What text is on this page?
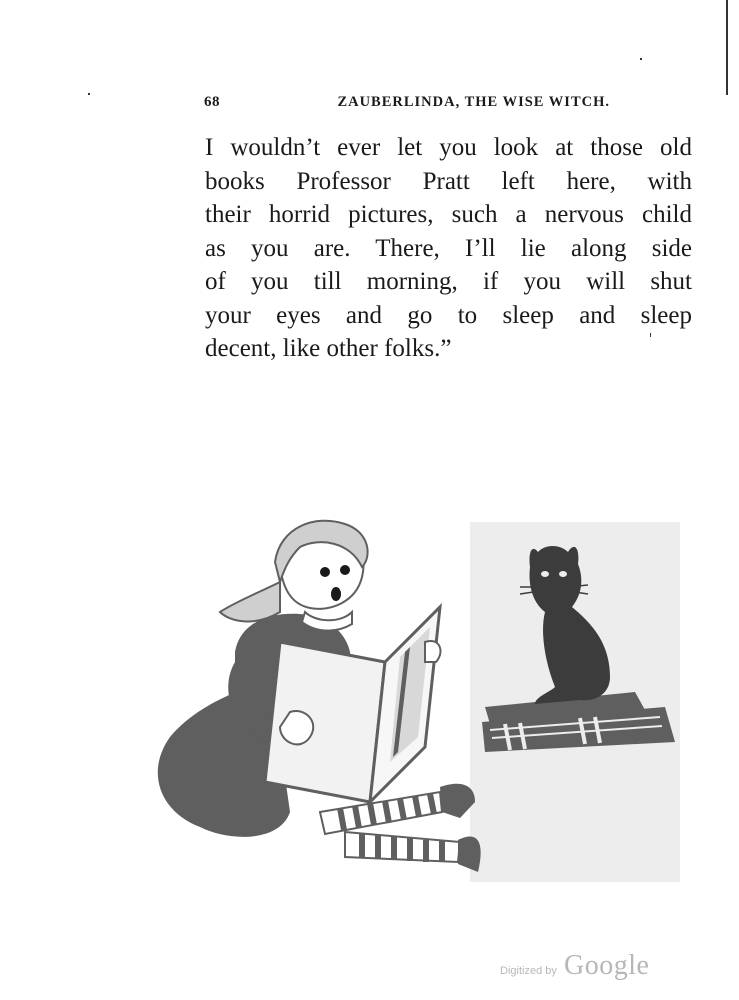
68	ZAUBERLINDA, THE WISE WITCH.

I wouldn’t ever let you look at those old
books Professor Pratt left here, with
their horrid pictures, such a nervous child
as you are. There, I’ll lie along side
of you till morning, if you will shut
your eyes and go to sleep and sleep
decent, like other folks.”

Digitized by Google
